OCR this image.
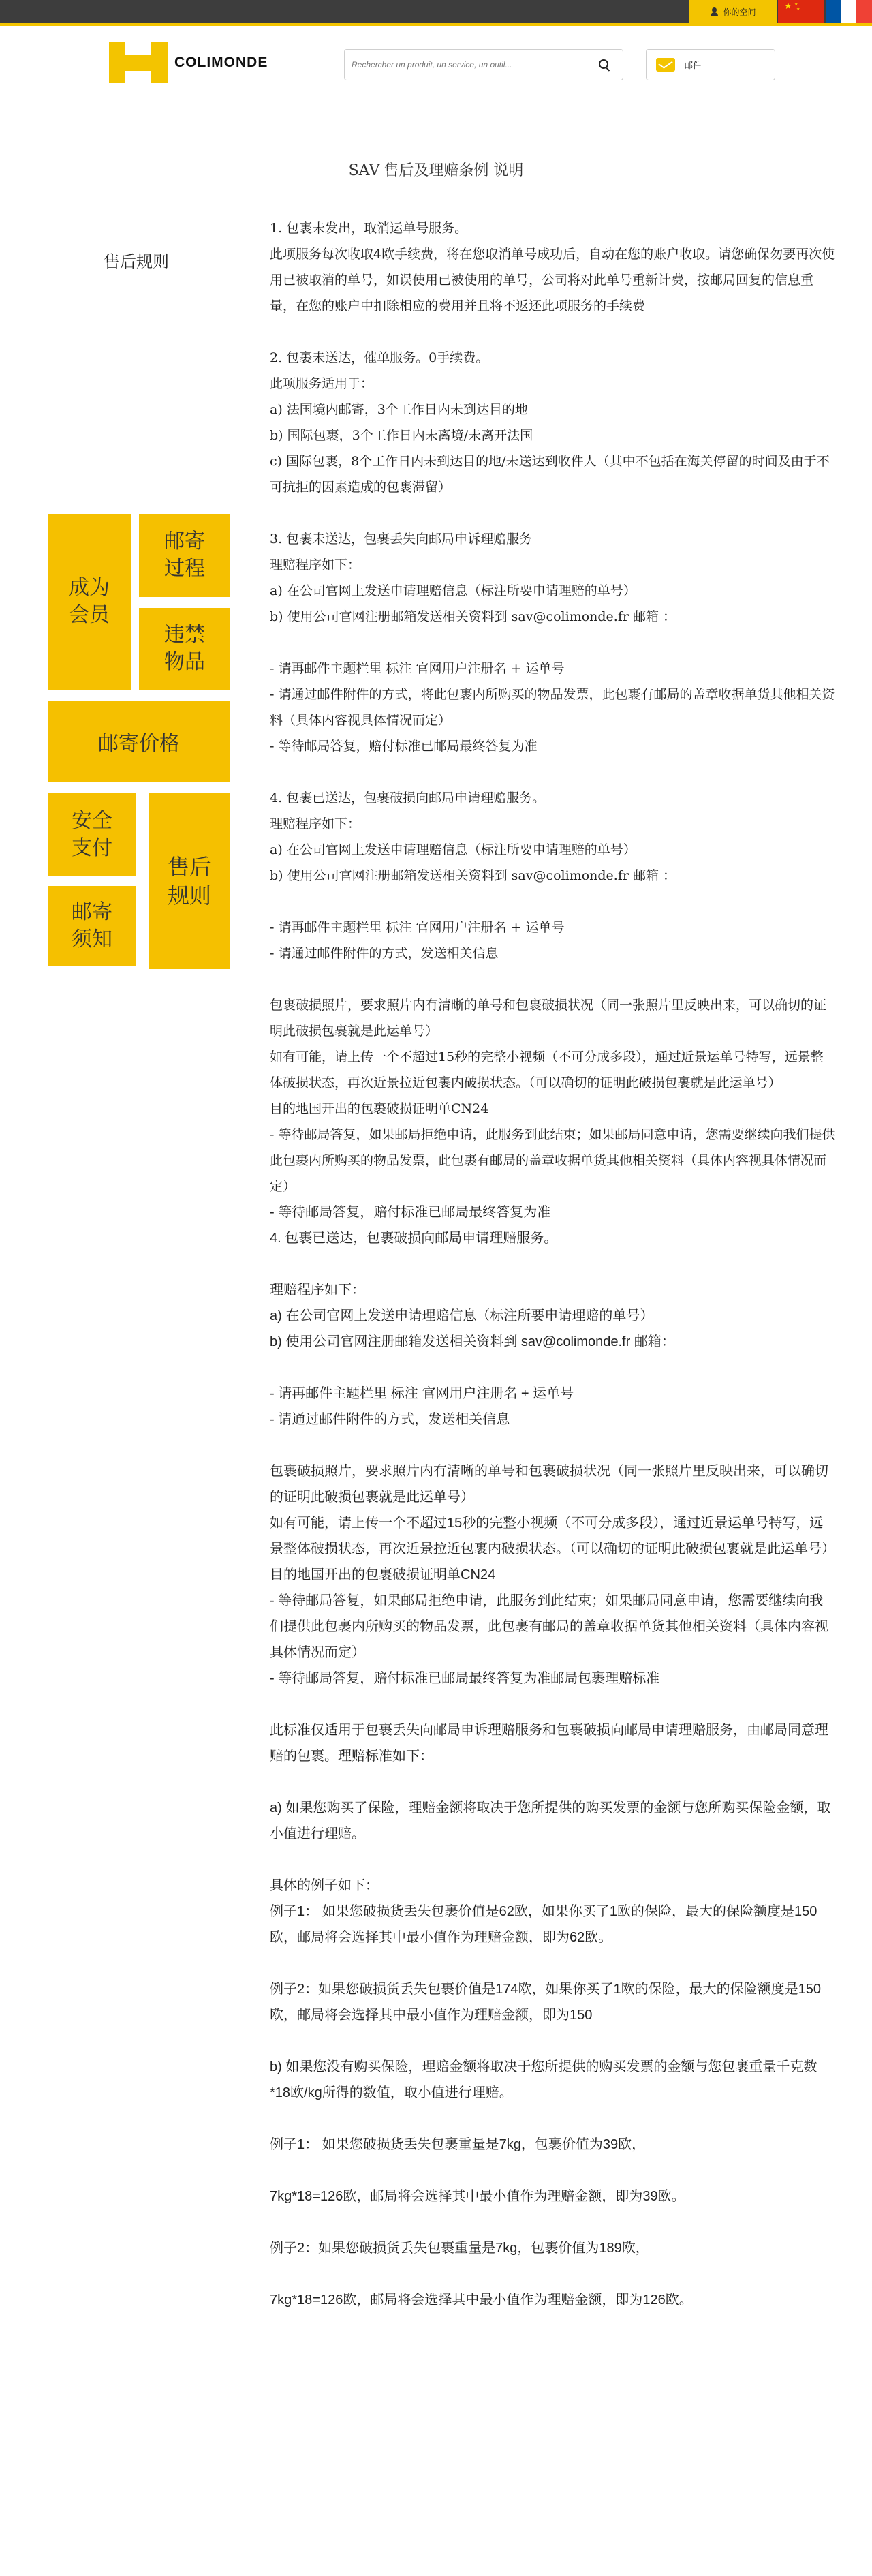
你的空间
★ ★
★
COLIMONDE
Rechercher un produit, un service, un outil...	邮件
SAV 售后及理赔条例 说明
售后规则
成为
会员
邮寄
过程
违禁
物品
邮寄价格
安全
支付
邮寄
须知
售后
规则

1. 包裹未发出，取消运单号服务。

此项服务每次收取4欧手续费，将在您取消单号成功后，自动在您的账户收取。请您确保勿要再次使用已被取消的单号，如误使用已被使用的单号，公司将对此单号重新计费，按邮局回复的信息重量，在您的账户中扣除相应的费用并且将不返还此项服务的手续费

2. 包裹未送达，催单服务。0手续费。

此项服务适用于：

a) 法国境内邮寄，3个工作日内未到达目的地

b) 国际包裹，3个工作日内未离境/未离开法国

c) 国际包裹，8个工作日内未到达目的地/未送达到收件人（其中不包括在海关停留的时间及由于不可抗拒的因素造成的包裹滞留）

3. 包裹未送达，包裹丢失向邮局申诉理赔服务

理赔程序如下：

a) 在公司官网上发送申请理赔信息（标注所要申请理赔的单号）

b) 使用公司官网注册邮箱发送相关资料到 sav@colimonde.fr 邮箱 ：

- 请再邮件主题栏里 标注 官网用户注册名 + 运单号

- 请通过邮件附件的方式，将此包裹内所购买的物品发票，此包裹有邮局的盖章收据单货其他相关资料（具体内容视具体情况而定）

- 等待邮局答复，赔付标准已邮局最终答复为准

4. 包裹已送达，包裹破损向邮局申请理赔服务。

理赔程序如下：

a) 在公司官网上发送申请理赔信息（标注所要申请理赔的单号）

b) 使用公司官网注册邮箱发送相关资料到 sav@colimonde.fr 邮箱 ：

- 请再邮件主题栏里 标注 官网用户注册名 + 运单号

- 请通过邮件附件的方式，发送相关信息

包裹破损照片，要求照片内有清晰的单号和包裹破损状况（同一张照片里反映出来，可以确切的证明此破损包裹就是此运单号）

如有可能，请上传一个不超过15秒的完整小视频（不可分成多段），通过近景运单号特写，远景整体破损状态，再次近景拉近包裹内破损状态。（可以确切的证明此破损包裹就是此运单号）

目的地国开出的包裹破损证明单CN24

- 等待邮局答复，如果邮局拒绝申请，此服务到此结束；如果邮局同意申请，您需要继续向我们提供此包裹内所购买的物品发票，此包裹有邮局的盖章收据单货其他相关资料（具体内容视具体情况而定）

- 等待邮局答复，赔付标准已邮局最终答复为准

4. 包裹已送达，包裹破损向邮局申请理赔服务。

理赔程序如下：

a) 在公司官网上发送申请理赔信息（标注所要申请理赔的单号）

b) 使用公司官网注册邮箱发送相关资料到 sav@colimonde.fr 邮箱：

- 请再邮件主题栏里 标注 官网用户注册名 + 运单号

- 请通过邮件附件的方式，发送相关信息

包裹破损照片，要求照片内有清晰的单号和包裹破损状况（同一张照片里反映出来，可以确切的证明此破损包裹就是此运单号）

如有可能，请上传一个不超过15秒的完整小视频（不可分成多段），通过近景运单号特写，远景整体破损状态，再次近景拉近包裹内破损状态。（可以确切的证明此破损包裹就是此运单号）

目的地国开出的包裹破损证明单CN24

- 等待邮局答复，如果邮局拒绝申请，此服务到此结束；如果邮局同意申请，您需要继续向我们提供此包裹内所购买的物品发票，此包裹有邮局的盖章收据单货其他相关资料（具体内容视具体情况而定）

- 等待邮局答复，赔付标准已邮局最终答复为准邮局包裹理赔标准

此标准仅适用于包裹丢失向邮局申诉理赔服务和包裹破损向邮局申请理赔服务，由邮局同意理赔的包裹。理赔标准如下：

a) 如果您购买了保险，理赔金额将取决于您所提供的购买发票的金额与您所购买保险金额，取小值进行理赔。

具体的例子如下：

例子1： 如果您破损货丢失包裹价值是62欧，如果你买了1欧的保险，最大的保险额度是150欧，邮局将会选择其中最小值作为理赔金额，即为62欧。

例子2：如果您破损货丢失包裹价值是174欧，如果你买了1欧的保险，最大的保险额度是150欧，邮局将会选择其中最小值作为理赔金额，即为150

b) 如果您没有购买保险，理赔金额将取决于您所提供的购买发票的金额与您包裹重量千克数*18欧/kg所得的数值，取小值进行理赔。

例子1： 如果您破损货丢失包裹重量是7kg，包裹价值为39欧，

7kg*18=126欧，邮局将会选择其中最小值作为理赔金额，即为39欧。

例子2：如果您破损货丢失包裹重量是7kg，包裹价值为189欧，

7kg*18=126欧，邮局将会选择其中最小值作为理赔金额，即为126欧。
